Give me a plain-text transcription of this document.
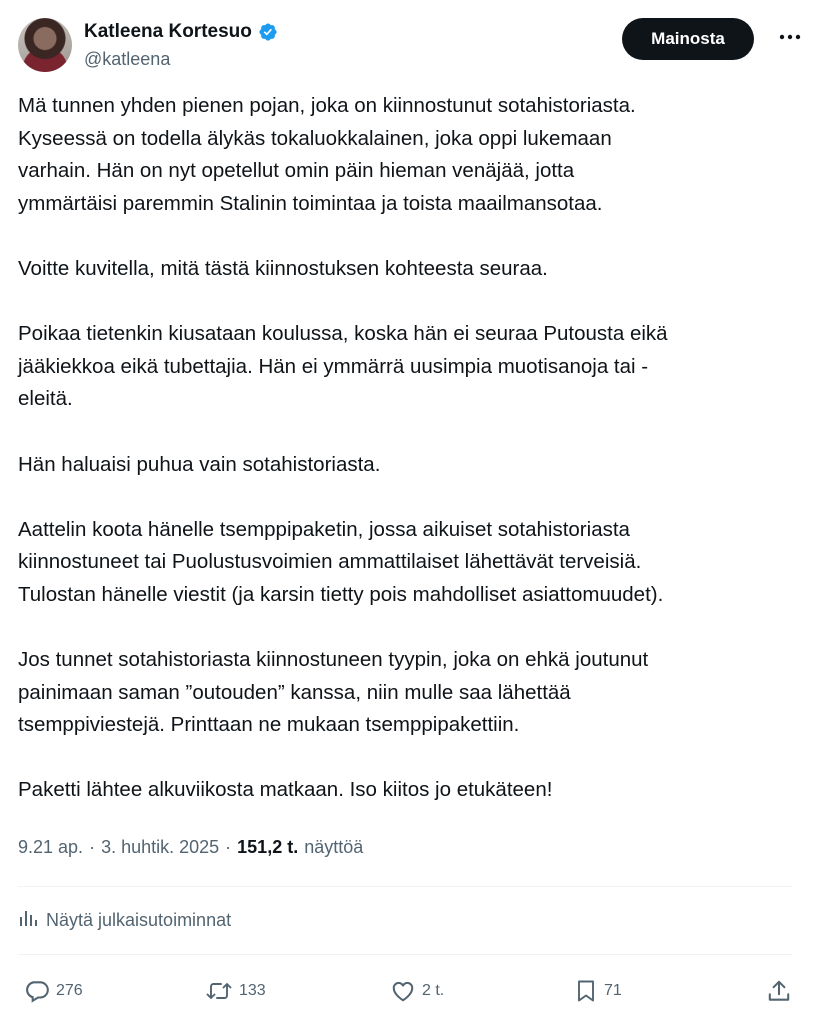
Katleena Kortesuo
@katleena
Mainosta

Mä tunnen yhden pienen pojan, joka on kiinnostunut sotahistoriasta.
Kyseessä on todella älykäs tokaluokkalainen, joka oppi lukemaan
varhain. Hän on nyt opetellut omin päin hieman venäjää, jotta
ymmärtäisi paremmin Stalinin toimintaa ja toista maailmansotaa.

Voitte kuvitella, mitä tästä kiinnostuksen kohteesta seuraa.

Poikaa tietenkin kiusataan koulussa, koska hän ei seuraa Putousta eikä
jääkiekkoa eikä tubettajia. Hän ei ymmärrä uusimpia muotisanoja tai -
eleitä.

Hän haluaisi puhua vain sotahistoriasta.

Aattelin koota hänelle tsemppipaketin, jossa aikuiset sotahistoriasta
kiinnostuneet tai Puolustusvoimien ammattilaiset lähettävät terveisiä.
Tulostan hänelle viestit (ja karsin tietty pois mahdolliset asiattomuudet).

Jos tunnet sotahistoriasta kiinnostuneen tyypin, joka on ehkä joutunut
painimaan saman ”outouden” kanssa, niin mulle saa lähettää
tsemppiviestejä. Printtaan ne mukaan tsemppipakettiin.

Paketti lähtee alkuviikosta matkaan. Iso kiitos jo etukäteen!

9.21 ap. · 3. huhtik. 2025 · 151,2 t. näyttöä
Näytä julkaisutoiminnat
276	133	2 t.	71
